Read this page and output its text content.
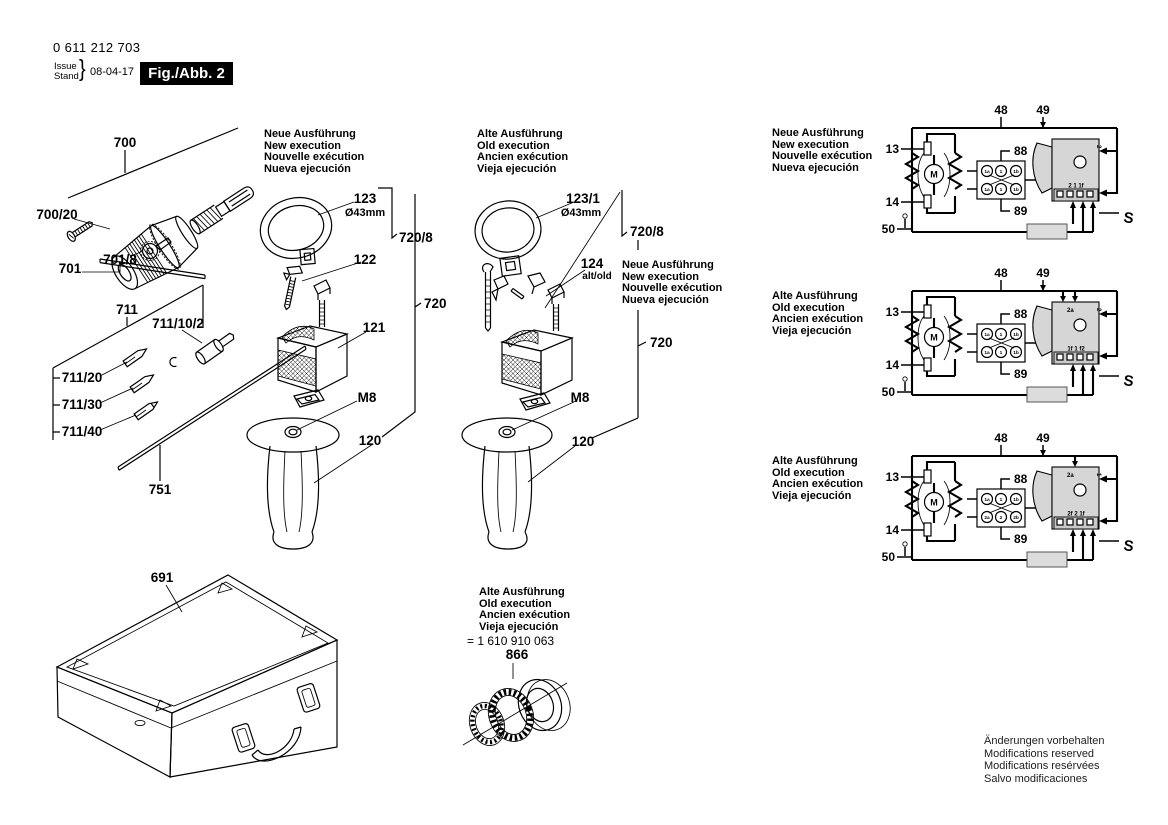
0 611 212 703
Issue
Stand } 08-04-17 Fig./Abb. 2
700
700/20
701
701/8
711
711/10/2
711/20
711/30
711/40
751
123
Ø43mm
122
121
720/8
720
M8
120
123/1
Ø43mm
124
alt/old
720/8
720
M8
120
691
866
Neue Ausführung
New execution
Nouvelle exécution
Nueva ejecución
Alte Ausführung
Old execution
Ancien exécution
Vieja ejecución
Neue Ausführung
New execution
Nouvelle exécution
Nueva ejecución
Alte Ausführung
Old execution
Ancien exécution
Vieja ejecución
= 1 610 910 063
Neue Ausführung
New execution
Nouvelle exécution
Nueva ejecución
Alte Ausführung
Old execution
Ancien exécution
Vieja ejecución
Alte Ausführung
Old execution
Ancien exécution
Vieja ejecución
M	1a 1 1b
1a 1 1b
2 1 1f
2
S
48 49
13
14
50
88
89
M	1a 1 1b
1a 1 1b
1f 1 f2
2a	2
S
48 49
13
14
50
88
89
M	1a 1 1b
2a 2 2b
2f 2 1f
2a	1
S
48 49
13
14
50
88
89
Änderungen vorbehalten
Modifications reserved
Modifications resérvées
Salvo modificaciones
